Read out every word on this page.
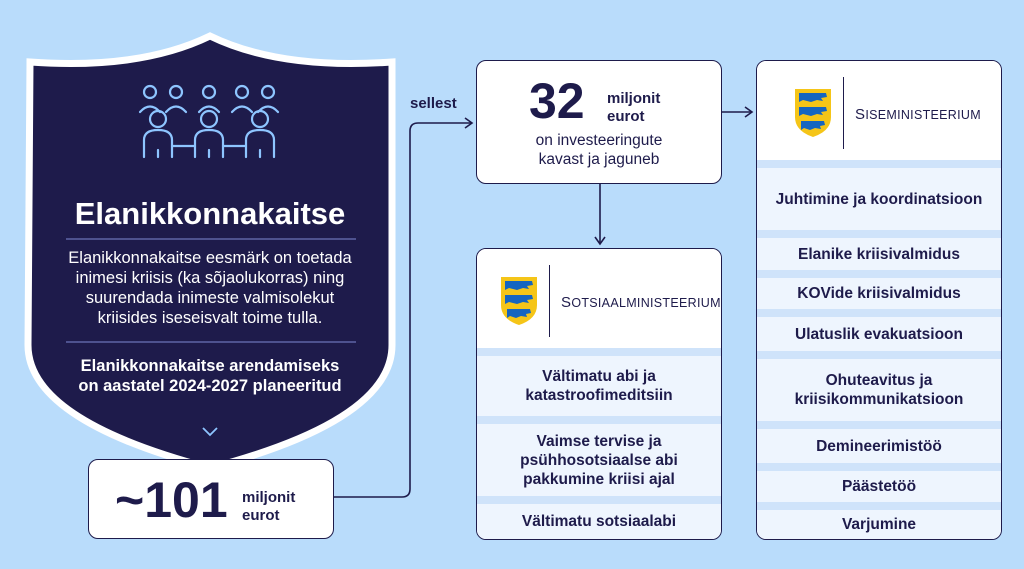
Elanikkonnakaitse
Elanikkonnakaitse eesmärk on toetada inimesi kriisis (ka sõjaolukorras) ning suurendada inimeste valmisolekut kriisides iseseisvalt toime tulla.
Elanikkonnakaitse arendamiseks on aastatel 2024-2027 planeeritud
~101 miljonit
eurot
sellest 32 miljonit
eurot
on investeeringute
kavast ja jaguneb
SOTSIAALMINISTEERIUM
Vältimatu abi ja katastroofimeditsiin
Vaimse tervise ja psühhosotsiaalse abi pakkumine kriisi ajal
Vältimatu sotsiaalabi
SISEMINISTEERIUM
Juhtimine ja koordinatsioon
Elanike kriisivalmidus
KOVide kriisivalmidus
Ulatuslik evakuatsioon
Ohuteavitus ja kriisikommunikatsioon
Demineerimistöö
Päästetöö
Varjumine
